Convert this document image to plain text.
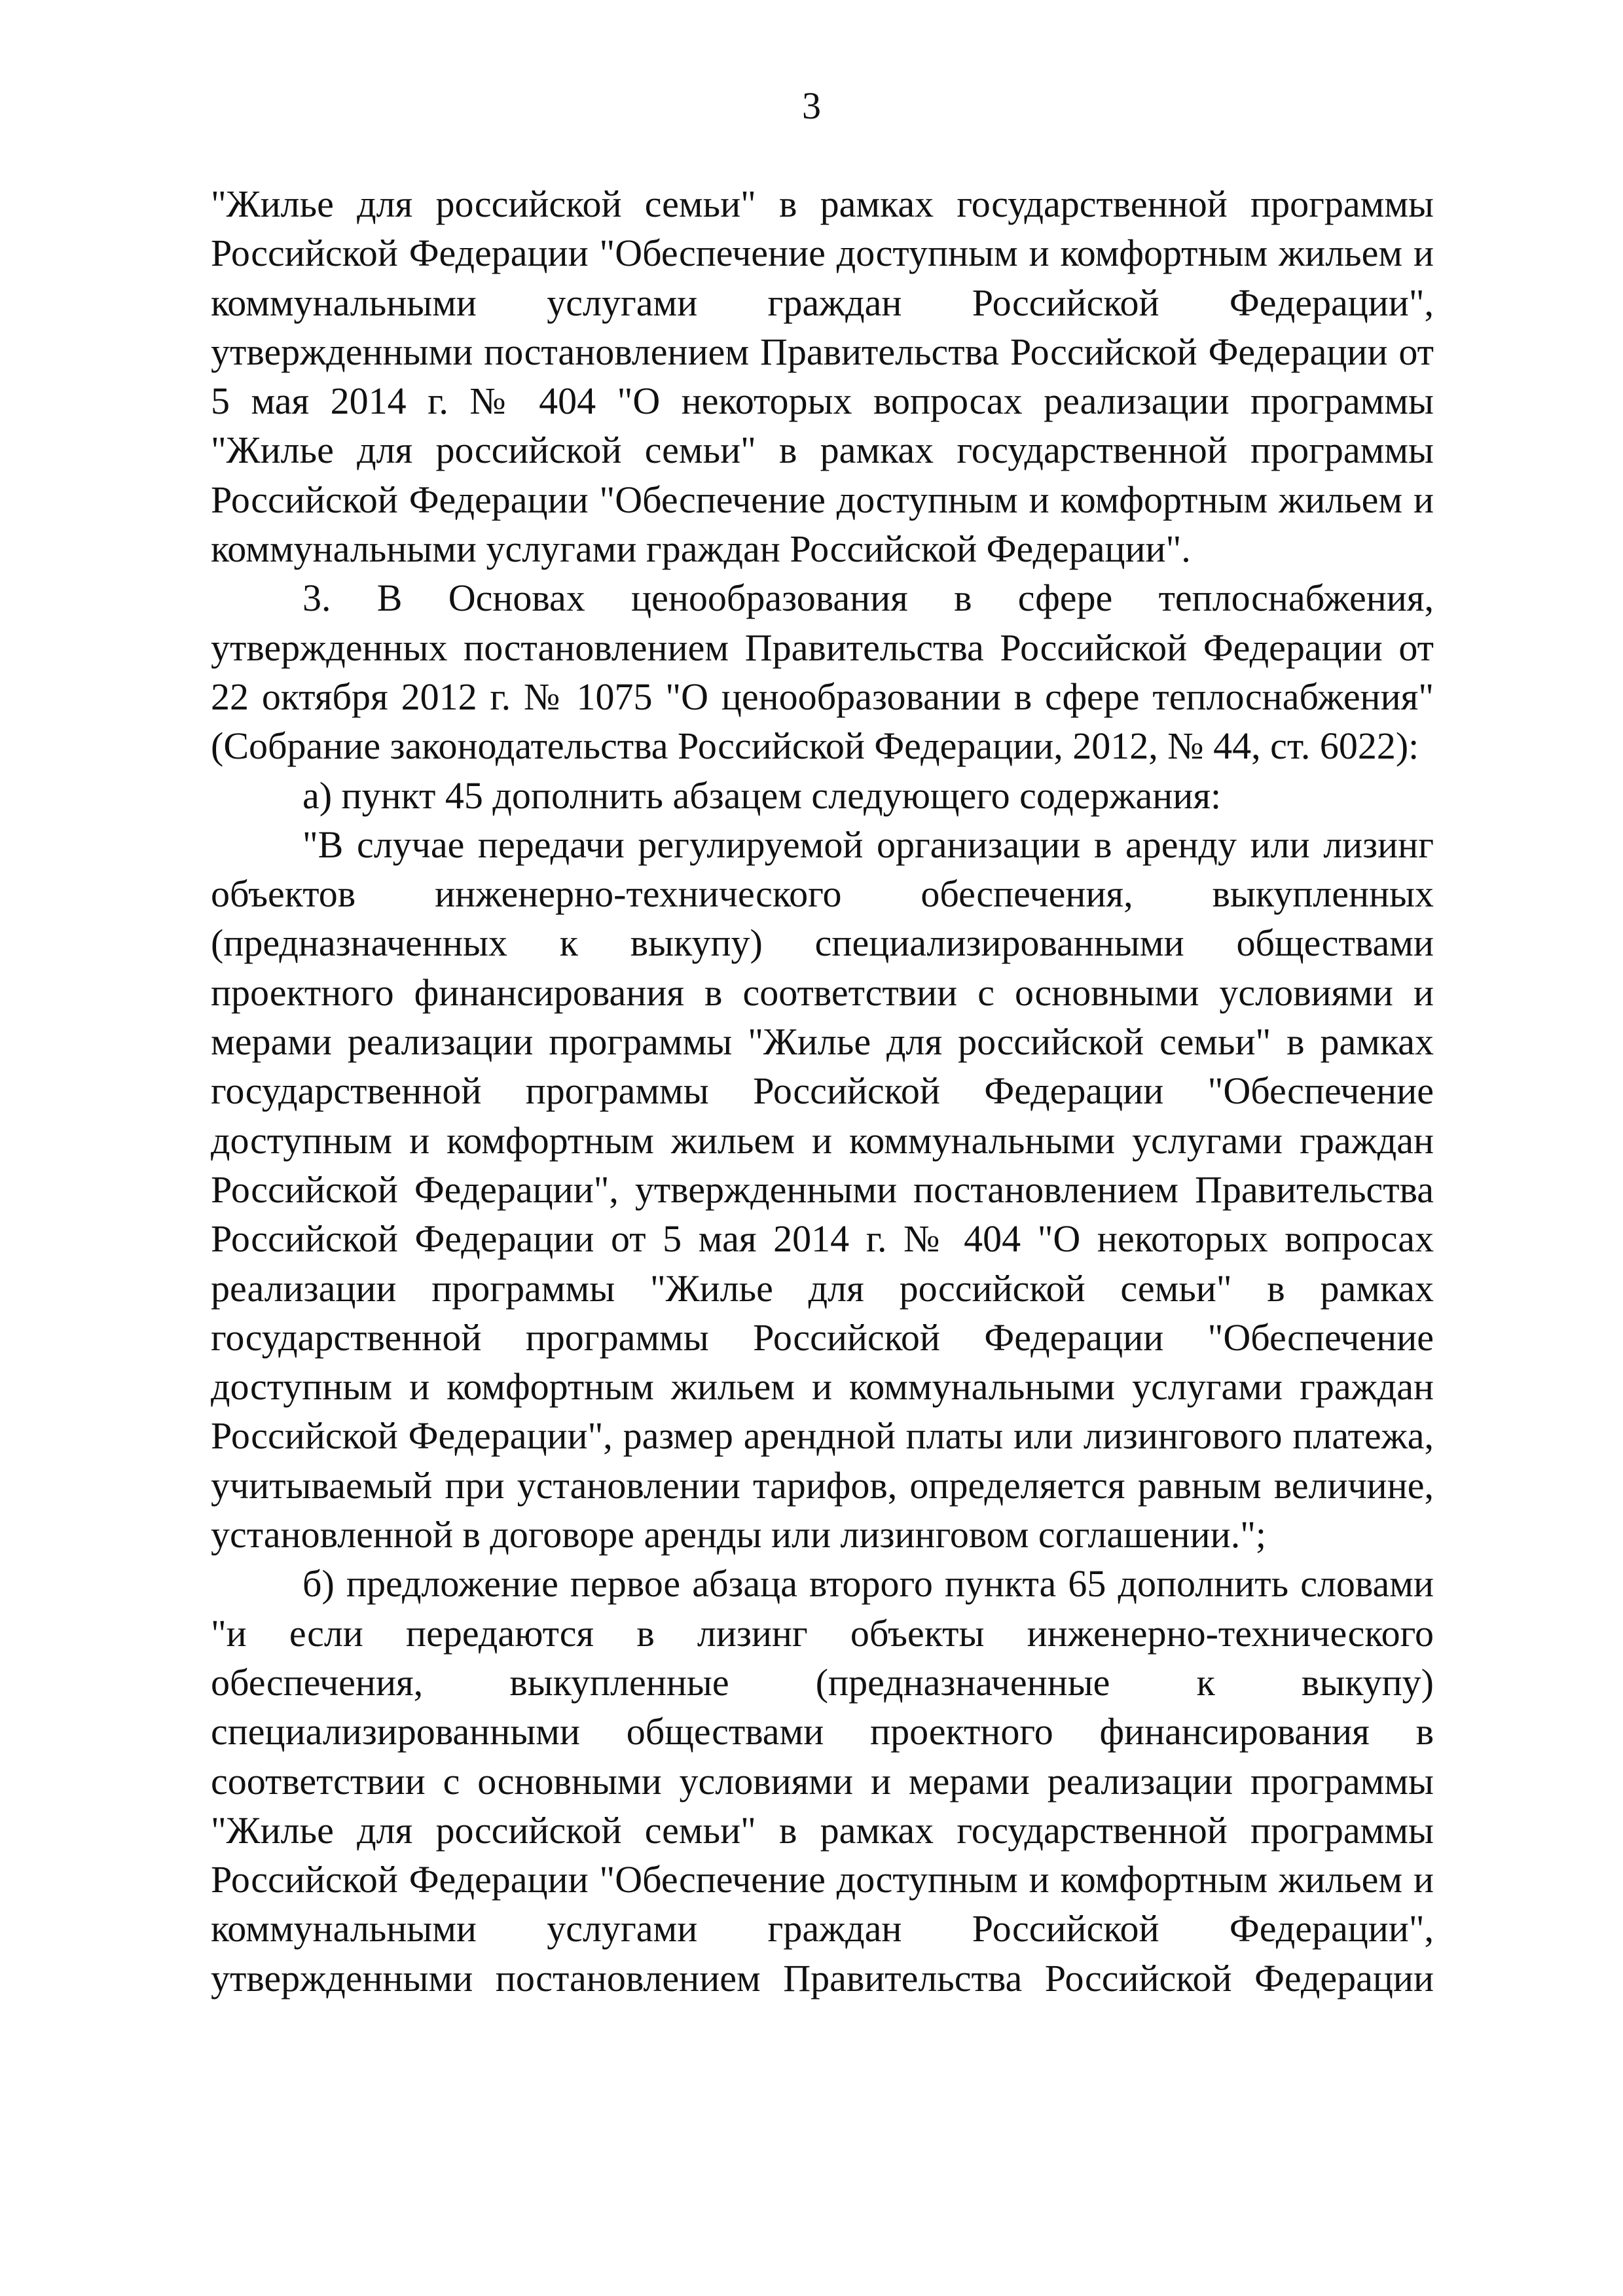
3
"Жилье для российской семьи" в рамках государственной программы
Российской Федерации "Обеспечение доступным и комфортным жильем и
коммунальными услугами граждан Российской Федерации",
утвержденными постановлением Правительства Российской Федерации от
5 мая 2014 г. № 404 "О некоторых вопросах реализации программы
"Жилье для российской семьи" в рамках государственной программы
Российской Федерации "Обеспечение доступным и комфортным жильем и
коммунальными услугами граждан Российской Федерации".
3. В Основах ценообразования в сфере теплоснабжения,
утвержденных постановлением Правительства Российской Федерации от
22 октября 2012 г. № 1075 "О ценообразовании в сфере теплоснабжения"
(Собрание законодательства Российской Федерации, 2012, № 44, ст. 6022):
а) пункт 45 дополнить абзацем следующего содержания:
"В случае передачи регулируемой организации в аренду или лизинг
объектов инженерно-технического обеспечения, выкупленных
(предназначенных к выкупу) специализированными обществами
проектного финансирования в соответствии с основными условиями и
мерами реализации программы "Жилье для российской семьи" в рамках
государственной программы Российской Федерации "Обеспечение
доступным и комфортным жильем и коммунальными услугами граждан
Российской Федерации", утвержденными постановлением Правительства
Российской Федерации от 5 мая 2014 г. № 404 "О некоторых вопросах
реализации программы "Жилье для российской семьи" в рамках
государственной программы Российской Федерации "Обеспечение
доступным и комфортным жильем и коммунальными услугами граждан
Российской Федерации", размер арендной платы или лизингового платежа,
учитываемый при установлении тарифов, определяется равным величине,
установленной в договоре аренды или лизинговом соглашении.";
б) предложение первое абзаца второго пункта 65 дополнить словами
"и если передаются в лизинг объекты инженерно-технического
обеспечения, выкупленные (предназначенные к выкупу)
специализированными обществами проектного финансирования в
соответствии с основными условиями и мерами реализации программы
"Жилье для российской семьи" в рамках государственной программы
Российской Федерации "Обеспечение доступным и комфортным жильем и
коммунальными услугами граждан Российской Федерации",
утвержденными постановлением Правительства Российской Федерации
